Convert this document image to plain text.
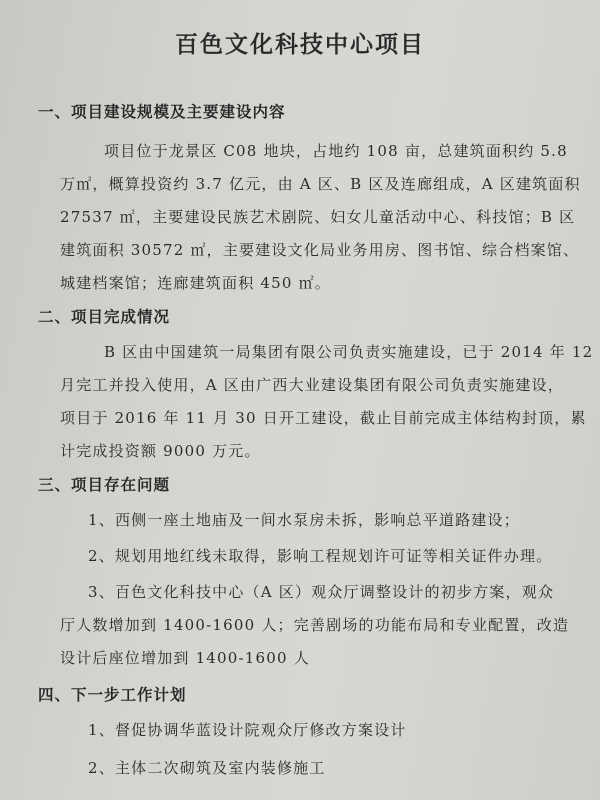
百色文化科技中心项目
一、项目建设规模及主要建设内容
项目位于龙景区 C08 地块，占地约 108 亩，总建筑面积约 5.8
万㎡，概算投资约 3.7 亿元，由 A 区、B 区及连廊组成，A 区建筑面积
27537 ㎡，主要建设民族艺术剧院、妇女儿童活动中心、科技馆；B 区
建筑面积 30572 ㎡，主要建设文化局业务用房、图书馆、综合档案馆、
城建档案馆；连廊建筑面积 450 ㎡。
二、项目完成情况
B 区由中国建筑一局集团有限公司负责实施建设，已于 2014 年 12
月完工并投入使用，A 区由广西大业建设集团有限公司负责实施建设，
项目于 2016 年 11 月 30 日开工建设，截止目前完成主体结构封顶，累
计完成投资额 9000 万元。
三、项目存在问题
1、西侧一座土地庙及一间水泵房未拆，影响总平道路建设；
2、规划用地红线未取得，影响工程规划许可证等相关证件办理。
3、百色文化科技中心（A 区）观众厅调整设计的初步方案，观众
厅人数增加到 1400-1600 人；完善剧场的功能布局和专业配置，改造
设计后座位增加到 1400-1600 人
四、下一步工作计划
1、督促协调华蓝设计院观众厅修改方案设计
2、主体二次砌筑及室内装修施工
